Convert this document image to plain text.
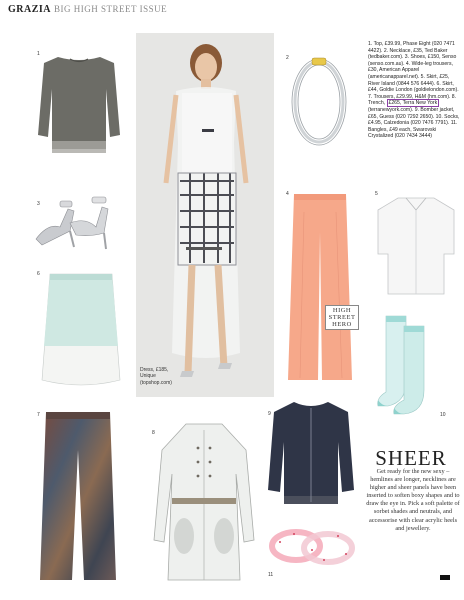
GRAZIA BIG HIGH STREET ISSUE
1
2
3
4	5
6
7
8
9	10
11
Dress, £185,
Unique
(topshop.com)
1. Top, £39.99, Phase Eight (020 7471 4422). 2. Necklace, £35, Ted Baker (tedbaker.com). 3. Shoes, £150, Senso (senso.com.au). 4. Wide-leg trousers, £30, American Apparel (americanapparel.net). 5. Skirt, £25, River Island (0844 576 6444). 6. Skirt, £44, Goldie London (goldielondon.com). 7. Trousers, £29.99, H&M (hm.com). 8. Trench, £265, Terra New York (terranewyork.com). 9. Bomber jacket, £65, Guess (020 7292 2650). 10. Socks, £4.95, Calzedonia (020 7476 7791). 11. Bangles, £49 each, Swarovski Crystalized (020 7434 3444)
HIGH
STREET
HERO
SHEER
Get ready for the new sexy – hemlines are longer, necklines are higher and sheer panels have been inserted to soften boxy shapes and to draw the eye in. Pick a soft palette of sorbet shades and neutrals, and accessorise with clear acrylic heels and jewellery.
